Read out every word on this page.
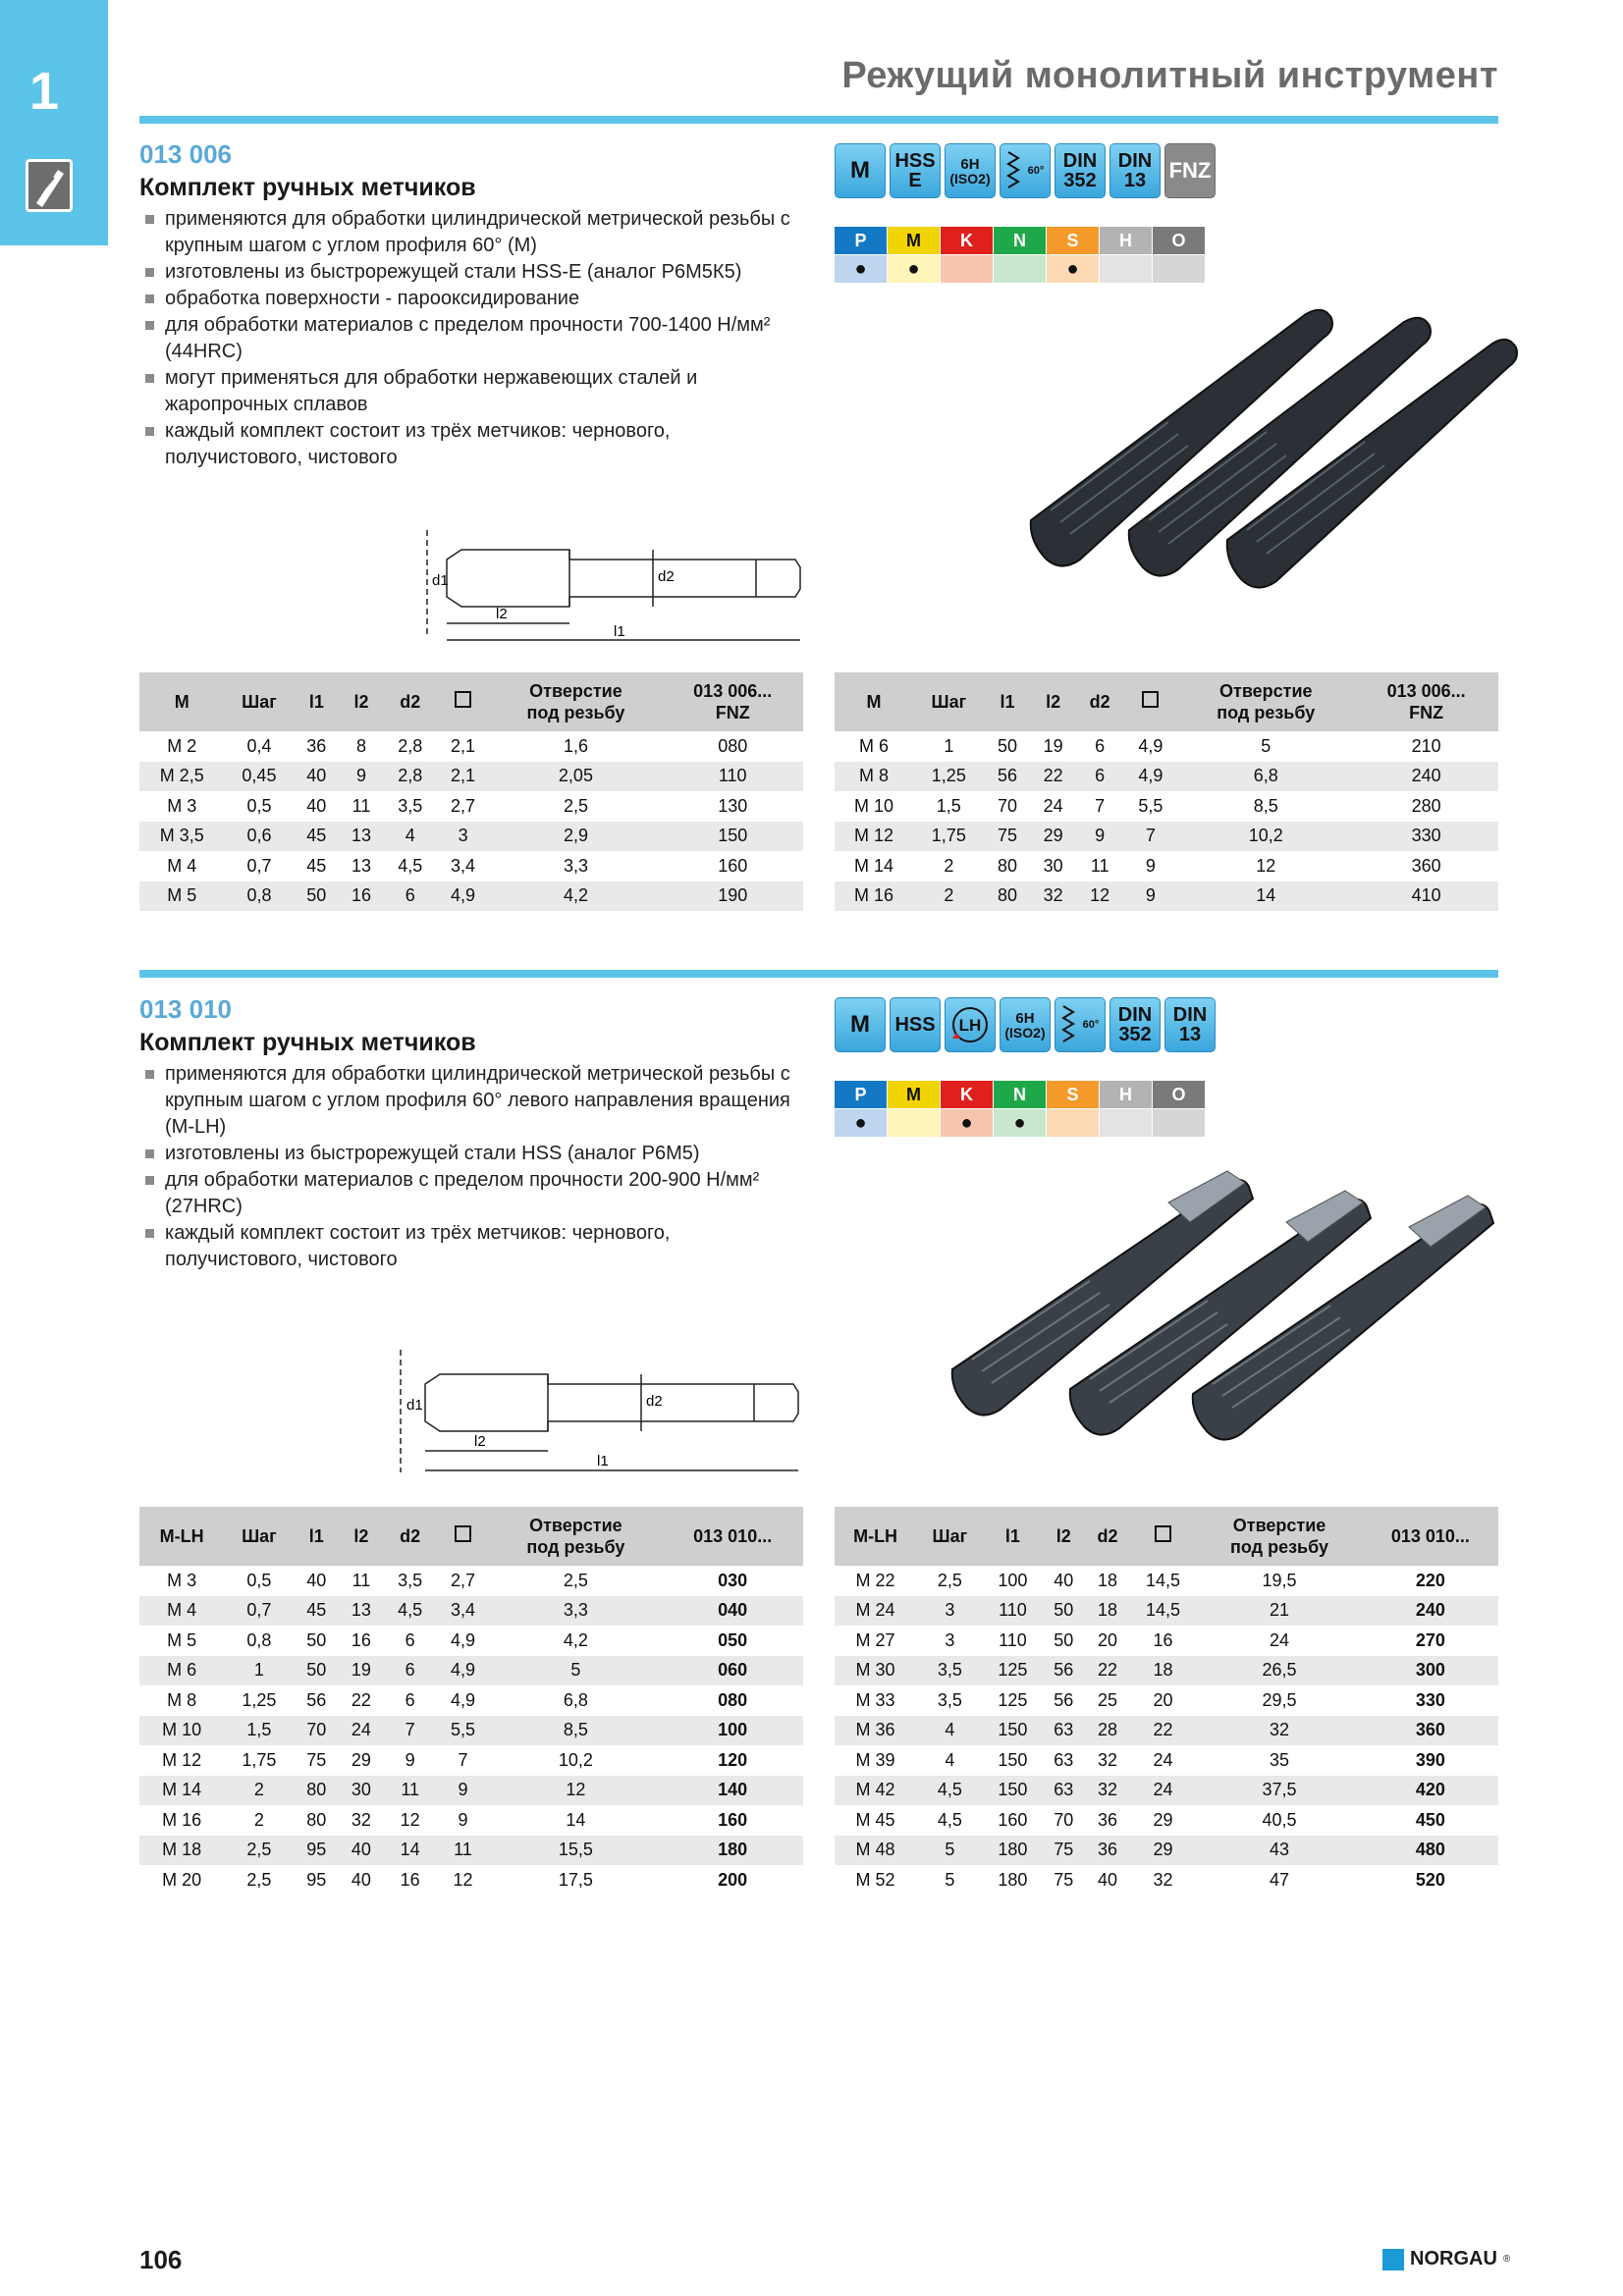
1	Режущий монолитный инструмент
013 006
Комплект ручных метчиков
применяются для обработки цилиндрической метрической резьбы с крупным шагом с углом профиля 60° (M)
изготовлены из быстрорежущей стали HSS-E (аналог Р6М5К5)
обработка поверхности - парооксидирование
для обработки материалов с пределом прочности 700-1400 Н/мм² (44HRC)
могут применяться для обработки нержавеющих сталей и жаропрочных сплавов
каждый комплект состоит из трёх метчиков: чернового, получистового, чистового
M HSS
E
6H
(ISO2)	60° DIN
352
DIN
13 FNZ
P	M	K	N	S	H	O
●	●			●		
d1	d2
l2
l1
M	Шаг	l1	l2	d2		Отверстие
под резьбу	013 006...
FNZ
M 2	0,4	36	8	2,8	2,1	1,6	080
M 2,5	0,45	40	9	2,8	2,1	2,05	110
M 3	0,5	40	11	3,5	2,7	2,5	130
M 3,5	0,6	45	13	4	3	2,9	150
M 4	0,7	45	13	4,5	3,4	3,3	160
M 5	0,8	50	16	6	4,9	4,2	190
M	Шаг	l1	l2	d2		Отверстие
под резьбу	013 006...
FNZ
M 6	1	50	19	6	4,9	5	210
M 8	1,25	56	22	6	4,9	6,8	240
M 10	1,5	70	24	7	5,5	8,5	280
M 12	1,75	75	29	9	7	10,2	330
M 14	2	80	30	11	9	12	360
M 16	2	80	32	12	9	14	410
013 010
Комплект ручных метчиков
применяются для обработки цилиндрической метрической резьбы с крупным шагом с углом профиля 60° левого направления вращения (M-LH)
изготовлены из быстрорежущей стали HSS (аналог Р6М5)
для обработки материалов с пределом прочности 200-900 Н/мм² (27HRC)
каждый комплект состоит из трёх метчиков: чернового, получистового, чистового
M HSS LH 6H
(ISO2)	60° DIN
352
DIN
13
P	M	K	N	S	H	O
●		●	●			
d1	d2
l2
l1
M-LH	Шаг	l1	l2	d2		Отверстие
под резьбу	013 010...
M 3	0,5	40	11	3,5	2,7	2,5	030
M 4	0,7	45	13	4,5	3,4	3,3	040
M 5	0,8	50	16	6	4,9	4,2	050
M 6	1	50	19	6	4,9	5	060
M 8	1,25	56	22	6	4,9	6,8	080
M 10	1,5	70	24	7	5,5	8,5	100
M 12	1,75	75	29	9	7	10,2	120
M 14	2	80	30	11	9	12	140
M 16	2	80	32	12	9	14	160
M 18	2,5	95	40	14	11	15,5	180
M 20	2,5	95	40	16	12	17,5	200
M-LH	Шаг	l1	l2	d2		Отверстие
под резьбу	013 010...
M 22	2,5	100	40	18	14,5	19,5	220
M 24	3	110	50	18	14,5	21	240
M 27	3	110	50	20	16	24	270
M 30	3,5	125	56	22	18	26,5	300
M 33	3,5	125	56	25	20	29,5	330
M 36	4	150	63	28	22	32	360
M 39	4	150	63	32	24	35	390
M 42	4,5	150	63	32	24	37,5	420
M 45	4,5	160	70	36	29	40,5	450
M 48	5	180	75	36	29	43	480
M 52	5	180	75	40	32	47	520
106	NORGAU ®
